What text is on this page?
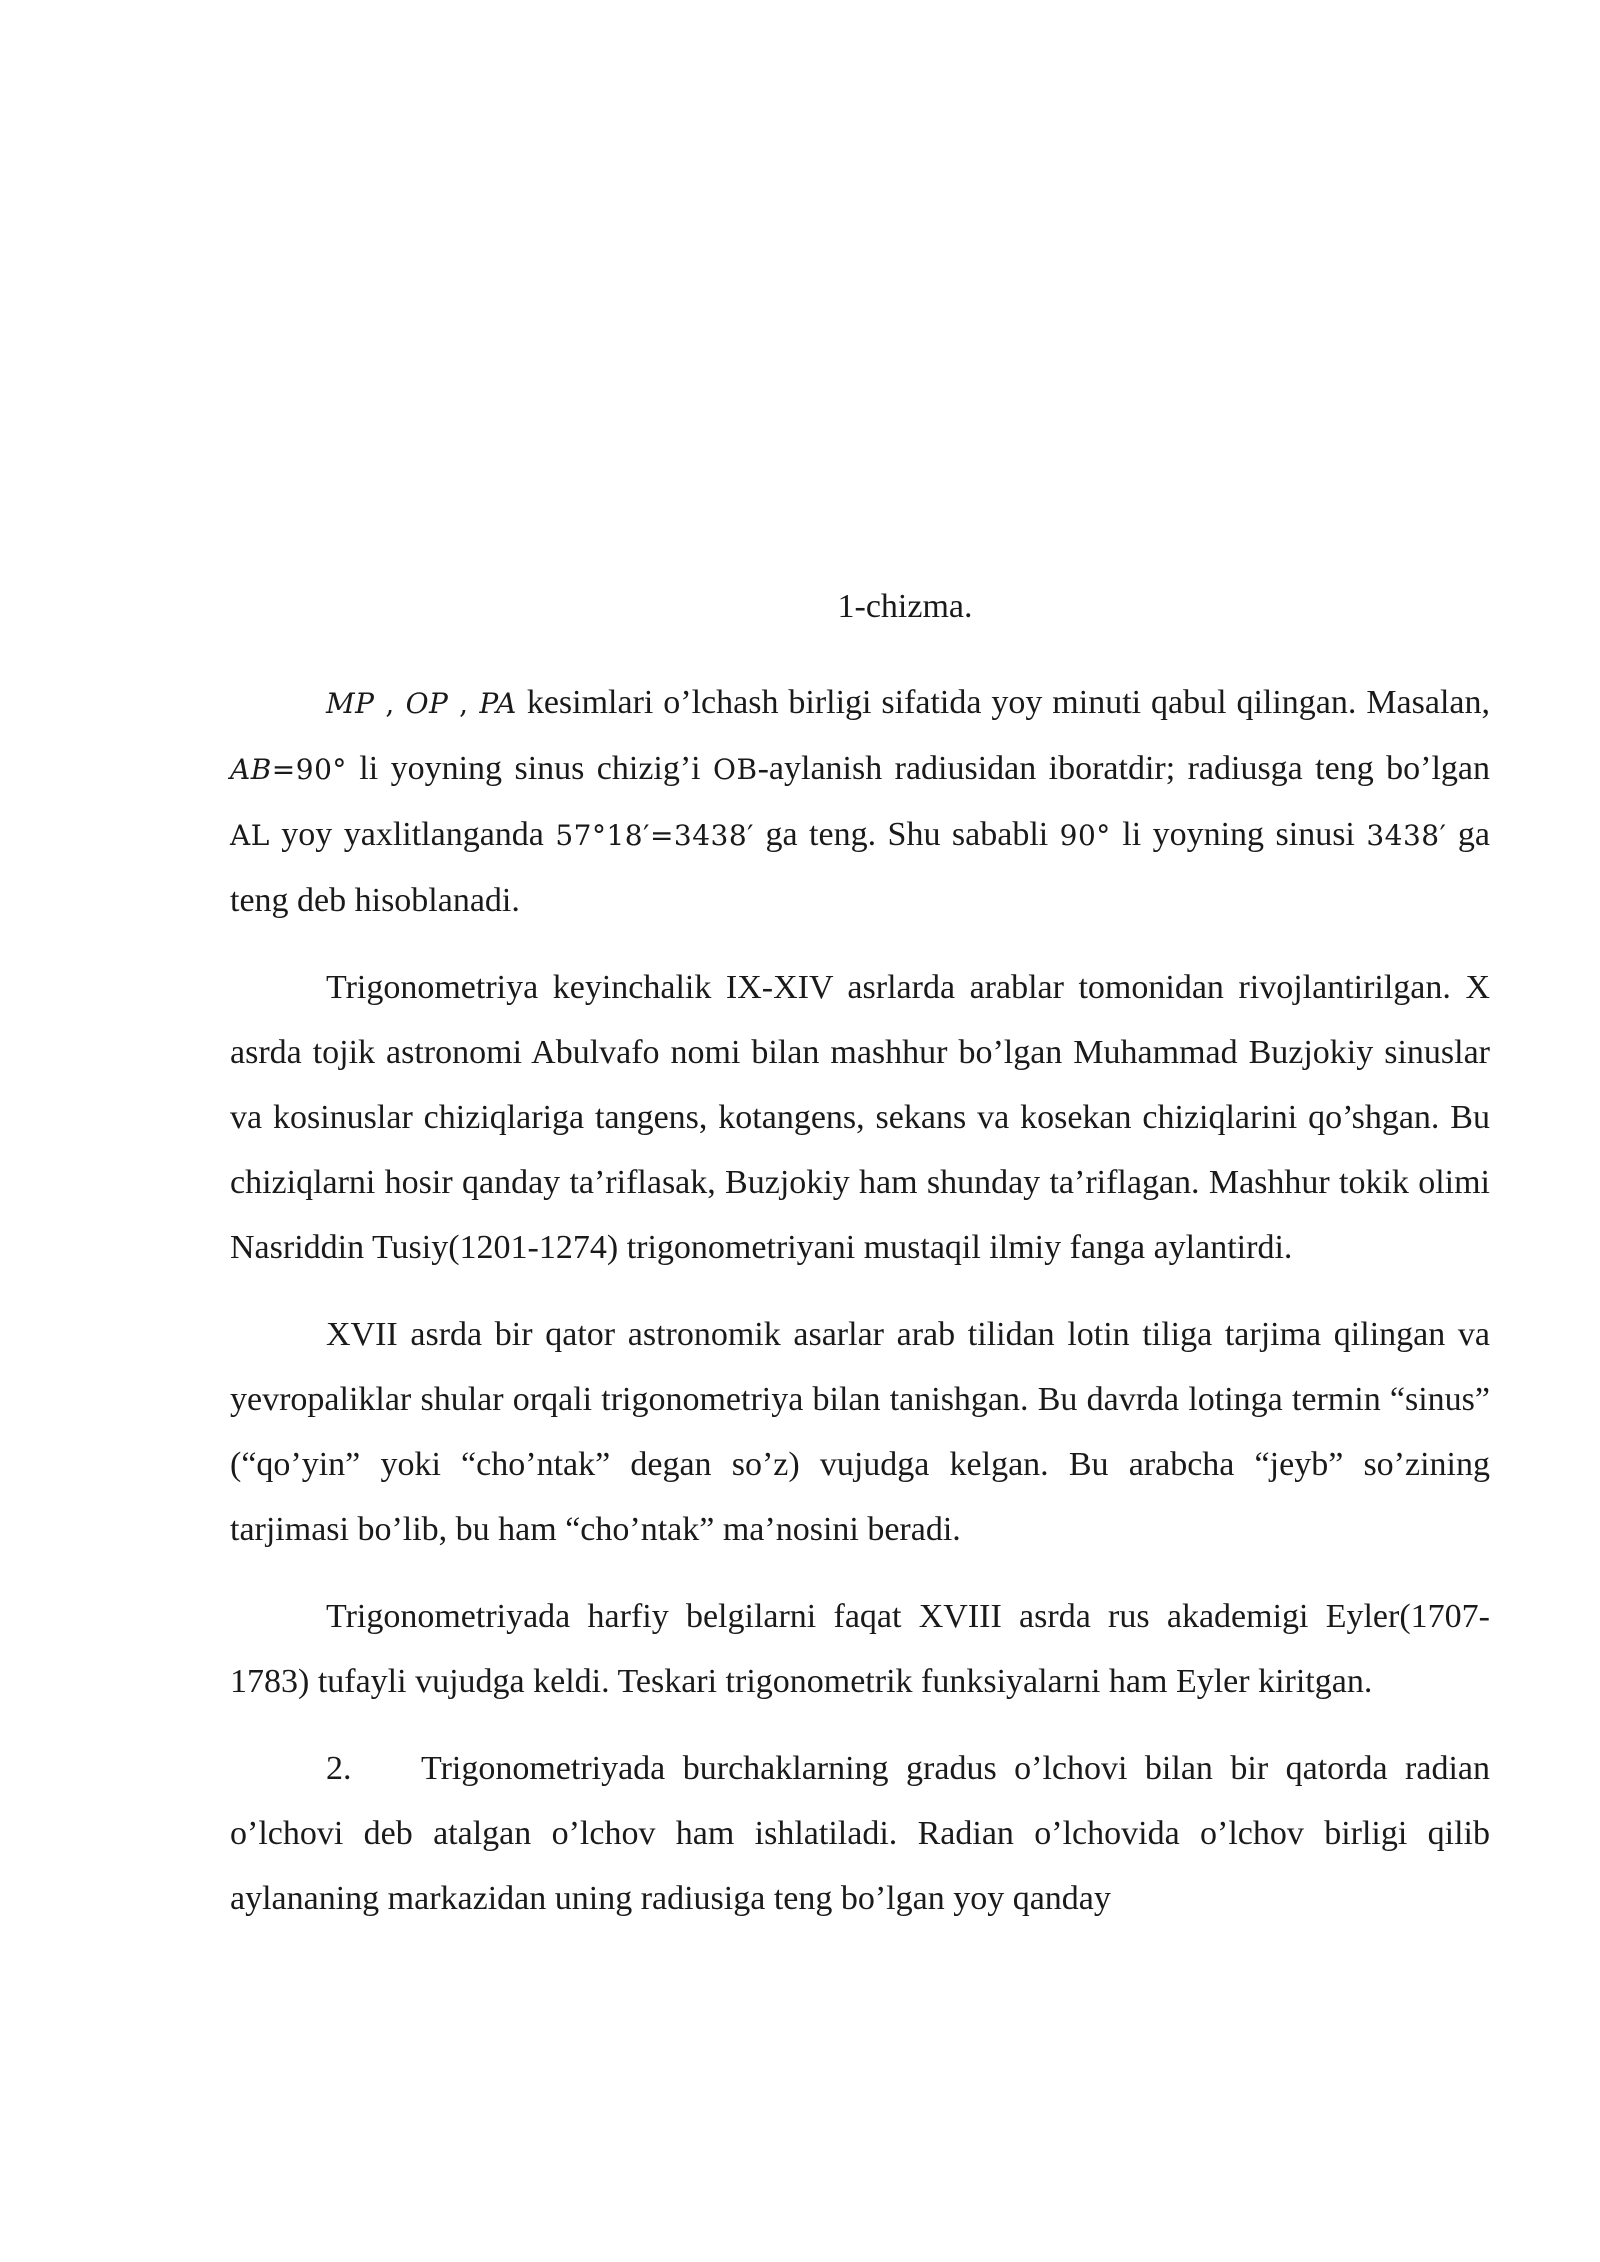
1-chizma.

MP , OP , PA kesimlari o’lchash birligi sifatida yoy minuti qabul qilingan. Masalan, AB=90° li yoyning sinus chizig’i OB-aylanish radiusidan iboratdir; radiusga teng bo’lgan AL yoy yaxlitlanganda 57°18′=3438′ ga teng. Shu sababli 90° li yoyning sinusi 3438′ ga teng deb hisoblanadi.

Trigonometriya keyinchalik IX-XIV asrlarda arablar tomonidan rivojlantirilgan. X asrda tojik astronomi Abulvafo nomi bilan mashhur bo’lgan Muhammad Buzjokiy sinuslar va kosinuslar chiziqlariga tangens, kotangens, sekans va kosekan chiziqlarini qo’shgan. Bu chiziqlarni hosir qanday ta’riflasak, Buzjokiy ham shunday ta’riflagan. Mashhur tokik olimi Nasriddin Tusiy(1201-1274) trigonometriyani mustaqil ilmiy fanga aylantirdi.

XVII asrda bir qator astronomik asarlar arab tilidan lotin tiliga tarjima qilingan va yevropaliklar shular orqali trigonometriya bilan tanishgan. Bu davrda lotinga termin “sinus” (“qo’yin” yoki “cho’ntak” degan so’z) vujudga kelgan. Bu arabcha “jeyb” so’zining tarjimasi bo’lib, bu ham “cho’ntak” ma’nosini beradi.

Trigonometriyada harfiy belgilarni faqat XVIII asrda rus akademigi Eyler(1707-1783) tufayli vujudga keldi. Teskari trigonometrik funksiyalarni ham Eyler kiritgan.

2. Trigonometriyada burchaklarning gradus o’lchovi bilan bir qatorda radian o’lchovi deb atalgan o’lchov ham ishlatiladi. Radian o’lchovida o’lchov birligi qilib aylananing markazidan uning radiusiga teng bo’lgan yoy qanday
